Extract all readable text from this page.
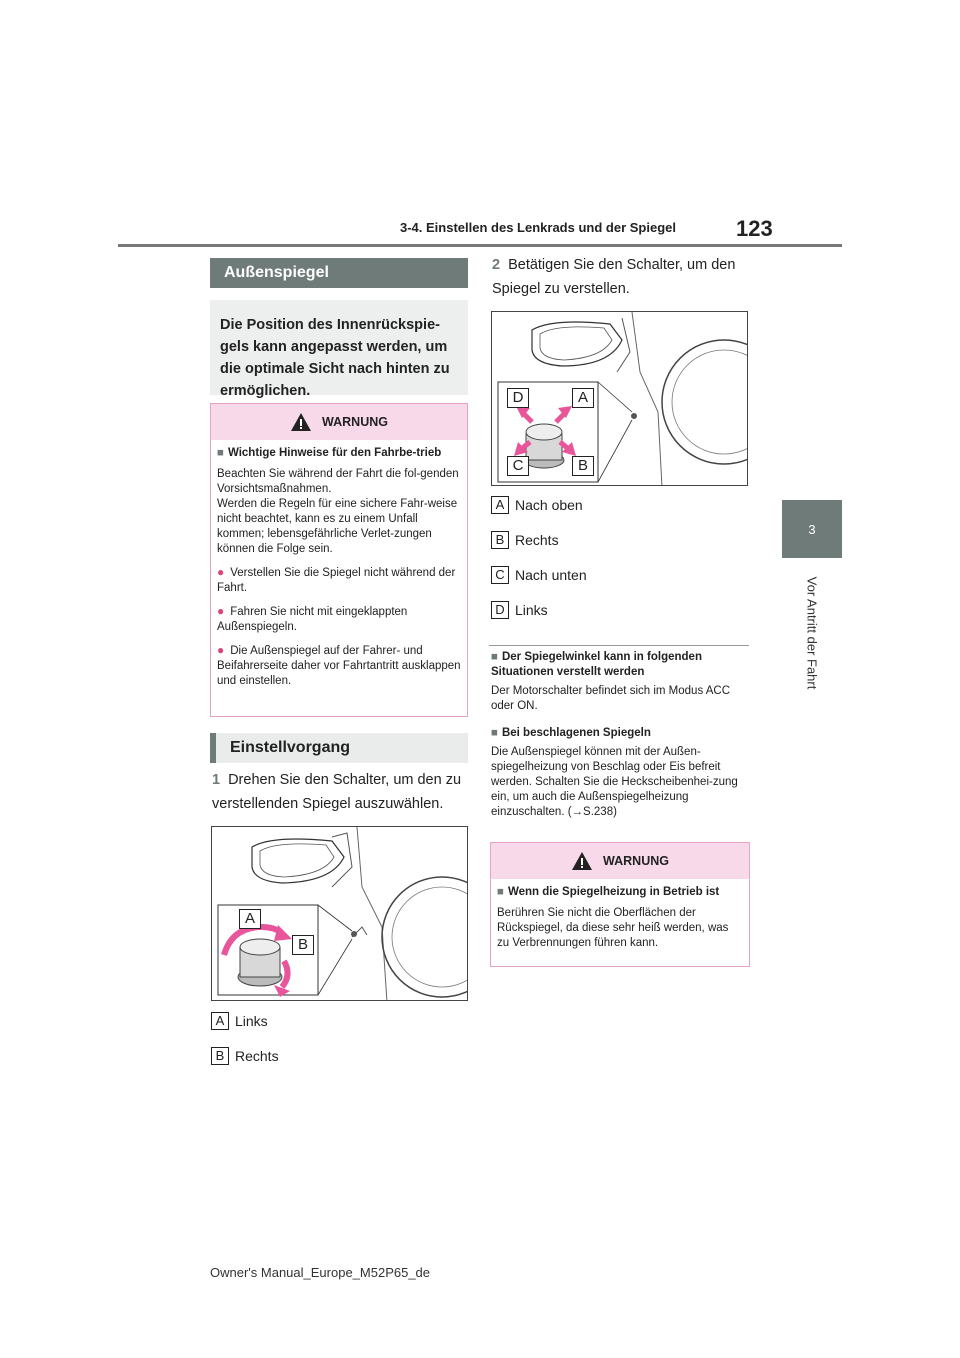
3-4. Einstellen des Lenkrads und der Spiegel	123
3
Vor Antritt der Fahrt
Außenspiegel

Die Position des Innenrückspie-gels kann angepasst werden, um die optimale Sicht nach hinten zu ermöglichen.

WARNUNG

■ Wichtige Hinweise für den Fahrbe-trieb

Beachten Sie während der Fahrt die fol-genden Vorsichtsmaßnahmen.

Werden die Regeln für eine sichere Fahr-weise nicht beachtet, kann es zu einem Unfall kommen; lebensgefährliche Verlet-zungen können die Folge sein.

● Verstellen Sie die Spiegel nicht während der Fahrt.

● Fahren Sie nicht mit eingeklappten Außenspiegeln.

● Die Außenspiegel auf der Fahrer- und Beifahrerseite daher vor Fahrtantritt ausklappen und einstellen.

Einstellvorgang
1 Drehen Sie den Schalter, um den zu verstellenden Spiegel auszuwählen.
A
B
A Links
B Rechts
2 Betätigen Sie den Schalter, um den Spiegel zu verstellen.
D	A
C	B
A Nach oben
B Rechts
C Nach unten
D Links

■ Der Spiegelwinkel kann in folgenden Situationen verstellt werden

Der Motorschalter befindet sich im Modus ACC oder ON.

■ Bei beschlagenen Spiegeln

Die Außenspiegel können mit der Außen-spiegelheizung von Beschlag oder Eis befreit werden. Schalten Sie die Heckscheibenhei-zung ein, um auch die Außenspiegelheizung einzuschalten. (→S.238)

WARNUNG

■ Wenn die Spiegelheizung in Betrieb ist

Berühren Sie nicht die Oberflächen der Rückspiegel, da diese sehr heiß werden, was zu Verbrennungen führen kann.

Owner's Manual_Europe_M52P65_de
